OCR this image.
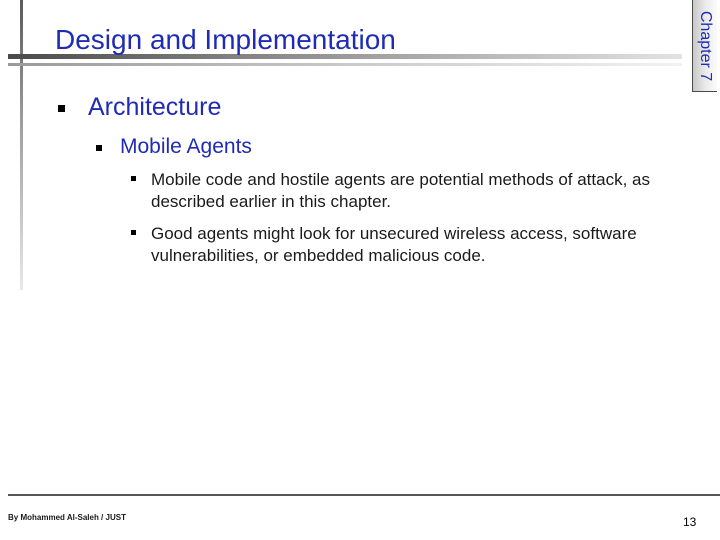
Design and Implementation	Chapter 7

Architecture

Mobile Agents

Mobile code and hostile agents are potential methods of attack, as described earlier in this chapter.

Good agents might look for unsecured wireless access, software vulnerabilities, or embedded malicious code.

By Mohammed Al-Saleh / JUST	13
